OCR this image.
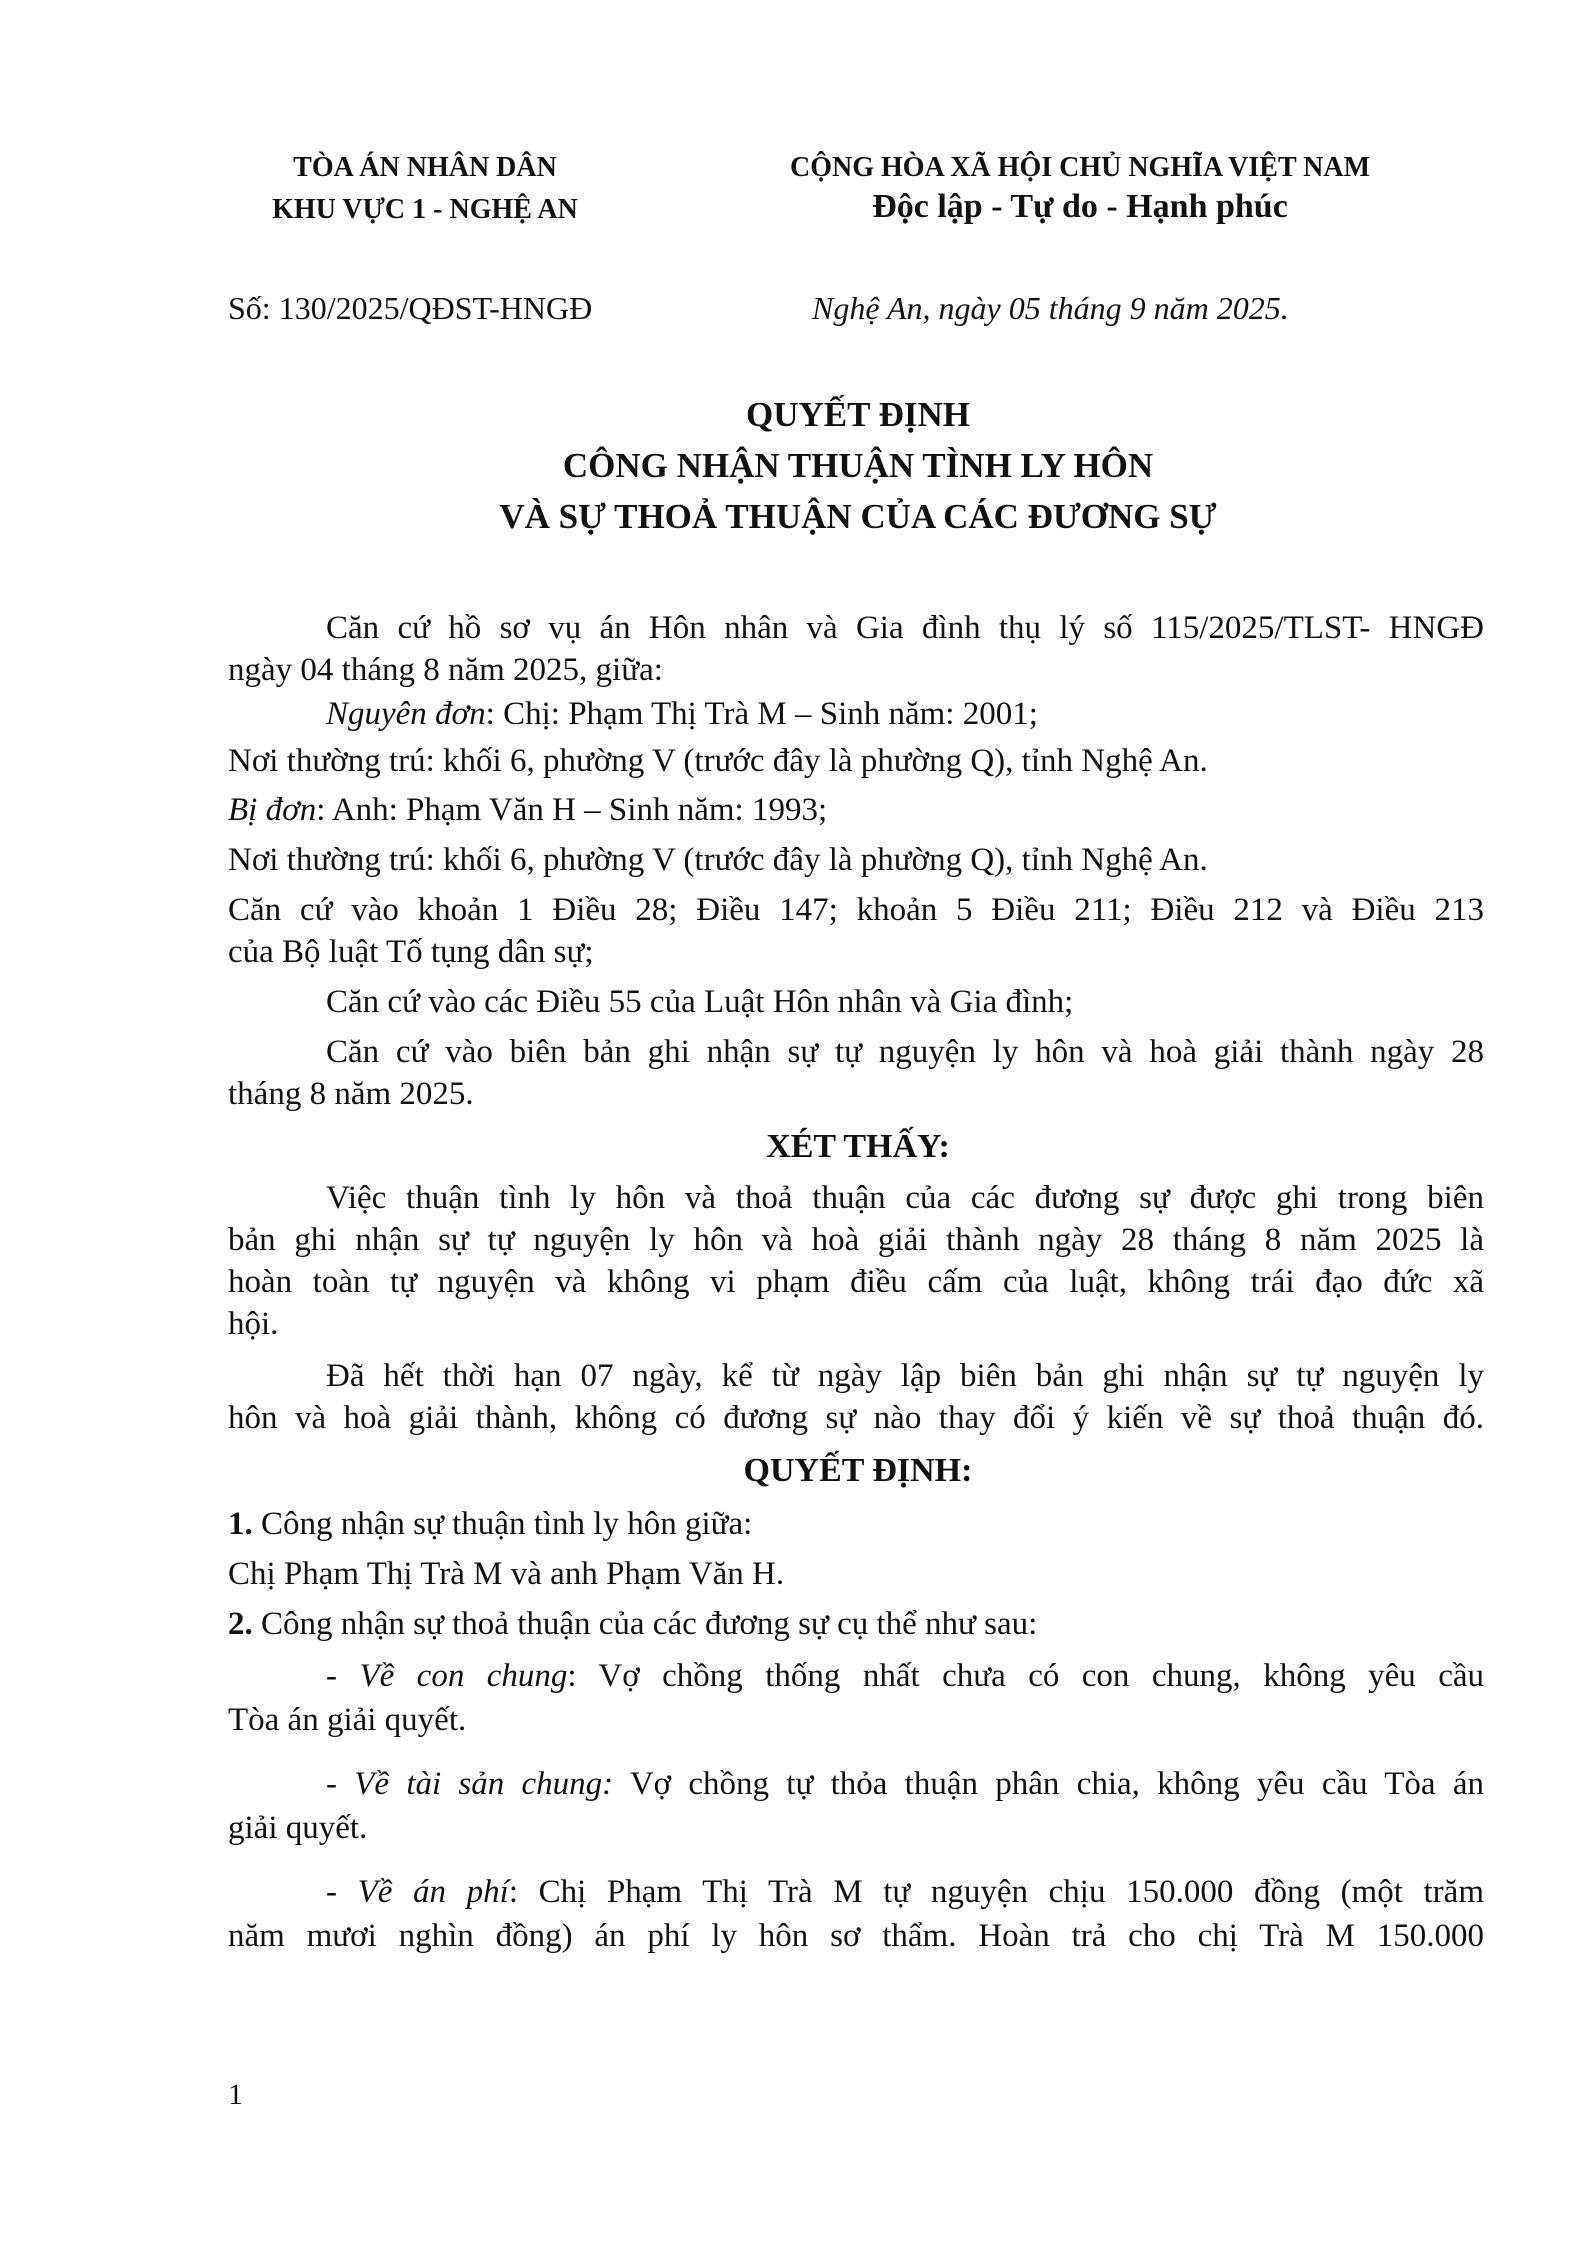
TÒA ÁN NHÂN DÂN
KHU VỰC 1 - NGHỆ AN
CỘNG HÒA XÃ HỘI CHỦ NGHĨA VIỆT NAM
Độc lập - Tự do - Hạnh phúc
Số: 130/2025/QĐST-HNGĐ	Nghệ An, ngày 05 tháng 9 năm 2025.
QUYẾT ĐỊNH
CÔNG NHẬN THUẬN TÌNH LY HÔN
VÀ SỰ THOẢ THUẬN CỦA CÁC ĐƯƠNG SỰ
Căn cứ hồ sơ vụ án Hôn nhân và Gia đình thụ lý số 115/2025/TLST- HNGĐ
ngày 04 tháng 8 năm 2025, giữa:
Nguyên đơn: Chị: Phạm Thị Trà M – Sinh năm: 2001;
Nơi thường trú: khối 6, phường V (trước đây là phường Q), tỉnh Nghệ An.
Bị đơn: Anh: Phạm Văn H – Sinh năm: 1993;
Nơi thường trú: khối 6, phường V (trước đây là phường Q), tỉnh Nghệ An.
Căn cứ vào khoản 1 Điều 28; Điều 147; khoản 5 Điều 211; Điều 212 và Điều 213
của Bộ luật Tố tụng dân sự;
Căn cứ vào các Điều 55 của Luật Hôn nhân và Gia đình;
Căn cứ vào biên bản ghi nhận sự tự nguyện ly hôn và hoà giải thành ngày 28
tháng 8 năm 2025.
XÉT THẤY:
Việc thuận tình ly hôn và thoả thuận của các đương sự được ghi trong biên
bản ghi nhận sự tự nguyện ly hôn và hoà giải thành ngày 28 tháng 8 năm 2025 là
hoàn toàn tự nguyện và không vi phạm điều cấm của luật, không trái đạo đức xã
hội.
Đã hết thời hạn 07 ngày, kể từ ngày lập biên bản ghi nhận sự tự nguyện ly
hôn và hoà giải thành, không có đương sự nào thay đổi ý kiến về sự thoả thuận đó.
QUYẾT ĐỊNH:
1. Công nhận sự thuận tình ly hôn giữa:
Chị Phạm Thị Trà M và anh Phạm Văn H.
2. Công nhận sự thoả thuận của các đương sự cụ thể như sau:
- Về con chung: Vợ chồng thống nhất chưa có con chung, không yêu cầu
Tòa án giải quyết.
- Về tài sản chung: Vợ chồng tự thỏa thuận phân chia, không yêu cầu Tòa án
giải quyết.
- Về án phí: Chị Phạm Thị Trà M tự nguyện chịu 150.000 đồng (một trăm
năm mươi nghìn đồng) án phí ly hôn sơ thẩm. Hoàn trả cho chị Trà M 150.000
1
